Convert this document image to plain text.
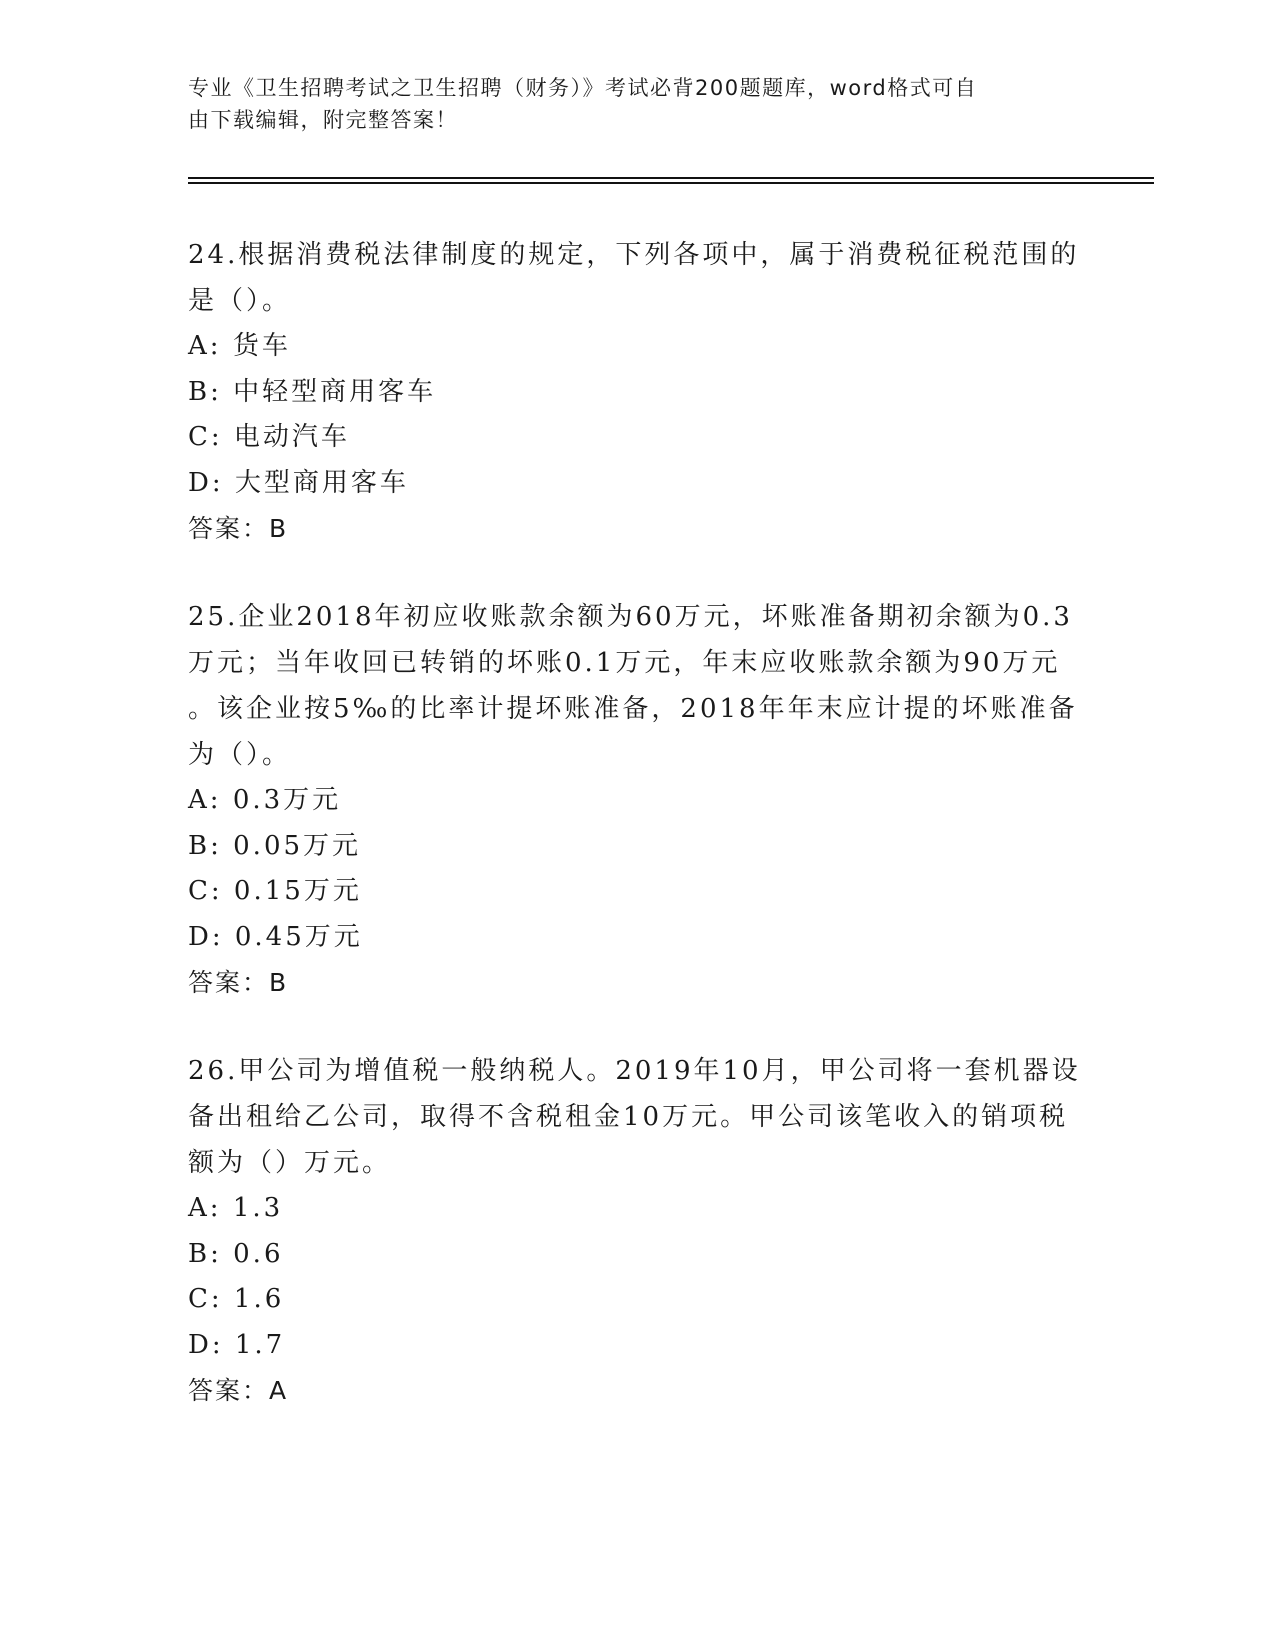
专业《卫生招聘考试之卫生招聘（财务）》考试必背200题题库，word格式可自
由下载编辑，附完整答案！

24.根据消费税法律制度的规定，下列各项中，属于消费税征税范围的

是（）。

A: 货车

B: 中轻型商用客车

C: 电动汽车

D: 大型商用客车

答案：B

25.企业2018年初应收账款余额为60万元，坏账准备期初余额为0.3

万元；当年收回已转销的坏账0.1万元，年末应收账款余额为90万元

。该企业按5‰的比率计提坏账准备，2018年年末应计提的坏账准备

为（）。

A: 0.3万元

B: 0.05万元

C: 0.15万元

D: 0.45万元

答案：B

26.甲公司为增值税一般纳税人。2019年10月，甲公司将一套机器设

备出租给乙公司，取得不含税租金10万元。甲公司该笔收入的销项税

额为（）万元。

A: 1.3

B: 0.6

C: 1.6

D: 1.7

答案：A
